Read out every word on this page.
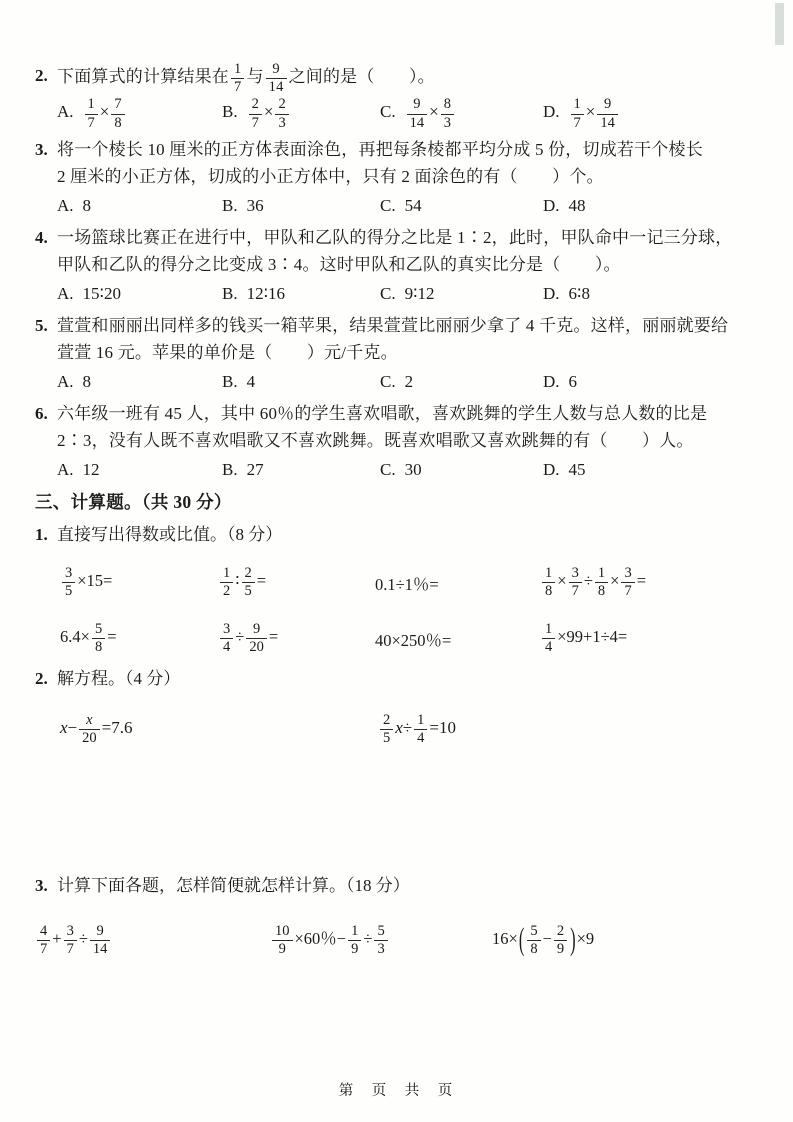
2. 下面算式的计算结果在 $\frac{1}{7}$ 与 $\frac{9}{14}$ 之间的是（　　）。
A. $\frac{1}{7} \times \frac{7}{8}$	B. $\frac{2}{7} \times \frac{2}{3}$	C. $\frac{9}{14} \times \frac{8}{3}$	D. $\frac{1}{7} \times \frac{9}{14}$
3. 将一个棱长 10 厘米的正方体表面涂色，再把每条棱都平均分成 5 份，切成若干个棱长
2 厘米的小正方体，切成的小正方体中，只有 2 面涂色的有（　　）个。
A. 8	B. 36	C. 54	D. 48
4. 一场篮球比赛正在进行中，甲队和乙队的得分之比是 1∶2，此时，甲队命中一记三分球，
甲队和乙队的得分之比变成 3∶4。这时甲队和乙队的真实比分是（　　）。
A. 15∶20	B. 12∶16	C. 9∶12	D. 6∶8
5. 萱萱和丽丽出同样多的钱买一箱苹果，结果萱萱比丽丽少拿了 4 千克。这样，丽丽就要给
萱萱 16 元。苹果的单价是（　　）元/千克。
A. 8	B. 4	C. 2	D. 6
6. 六年级一班有 45 人，其中 60％的学生喜欢唱歌，喜欢跳舞的学生人数与总人数的比是
2∶3，没有人既不喜欢唱歌又不喜欢跳舞。既喜欢唱歌又喜欢跳舞的有（　　）人。
A. 12	B. 27	C. 30	D. 45
三、计算题。（共 30 分）
1. 直接写出得数或比值。（8 分）
$\frac{3}{5} \times 15=$	$\frac{1}{2}$ ∶ $\frac{2}{5}$ =	0.1÷1％=	$\frac{1}{8} \times \frac{3}{7} \div \frac{1}{8} \times \frac{3}{7}$ =
$6.4\times \frac{5}{8}$ =	$\frac{3}{4} \div \frac{9}{20}$ =	40×250％=	$\frac{1}{4} \times 99+1\div 4=$
2. 解方程。（4 分）
$x- \frac{x}{20} =7.6$	$\frac{2}{5} x\div \frac{1}{4} =10$
3. 计算下面各题，怎样简便就怎样计算。（18 分）
$\frac{4}{7} + \frac{3}{7} \div \frac{9}{14}$	$\frac{10}{9} \times 60$％− $\frac{1}{9} \div \frac{5}{3}$	$16\times( \frac{5}{8} - \frac{2}{9} )\times 9$
第　页　共　页
